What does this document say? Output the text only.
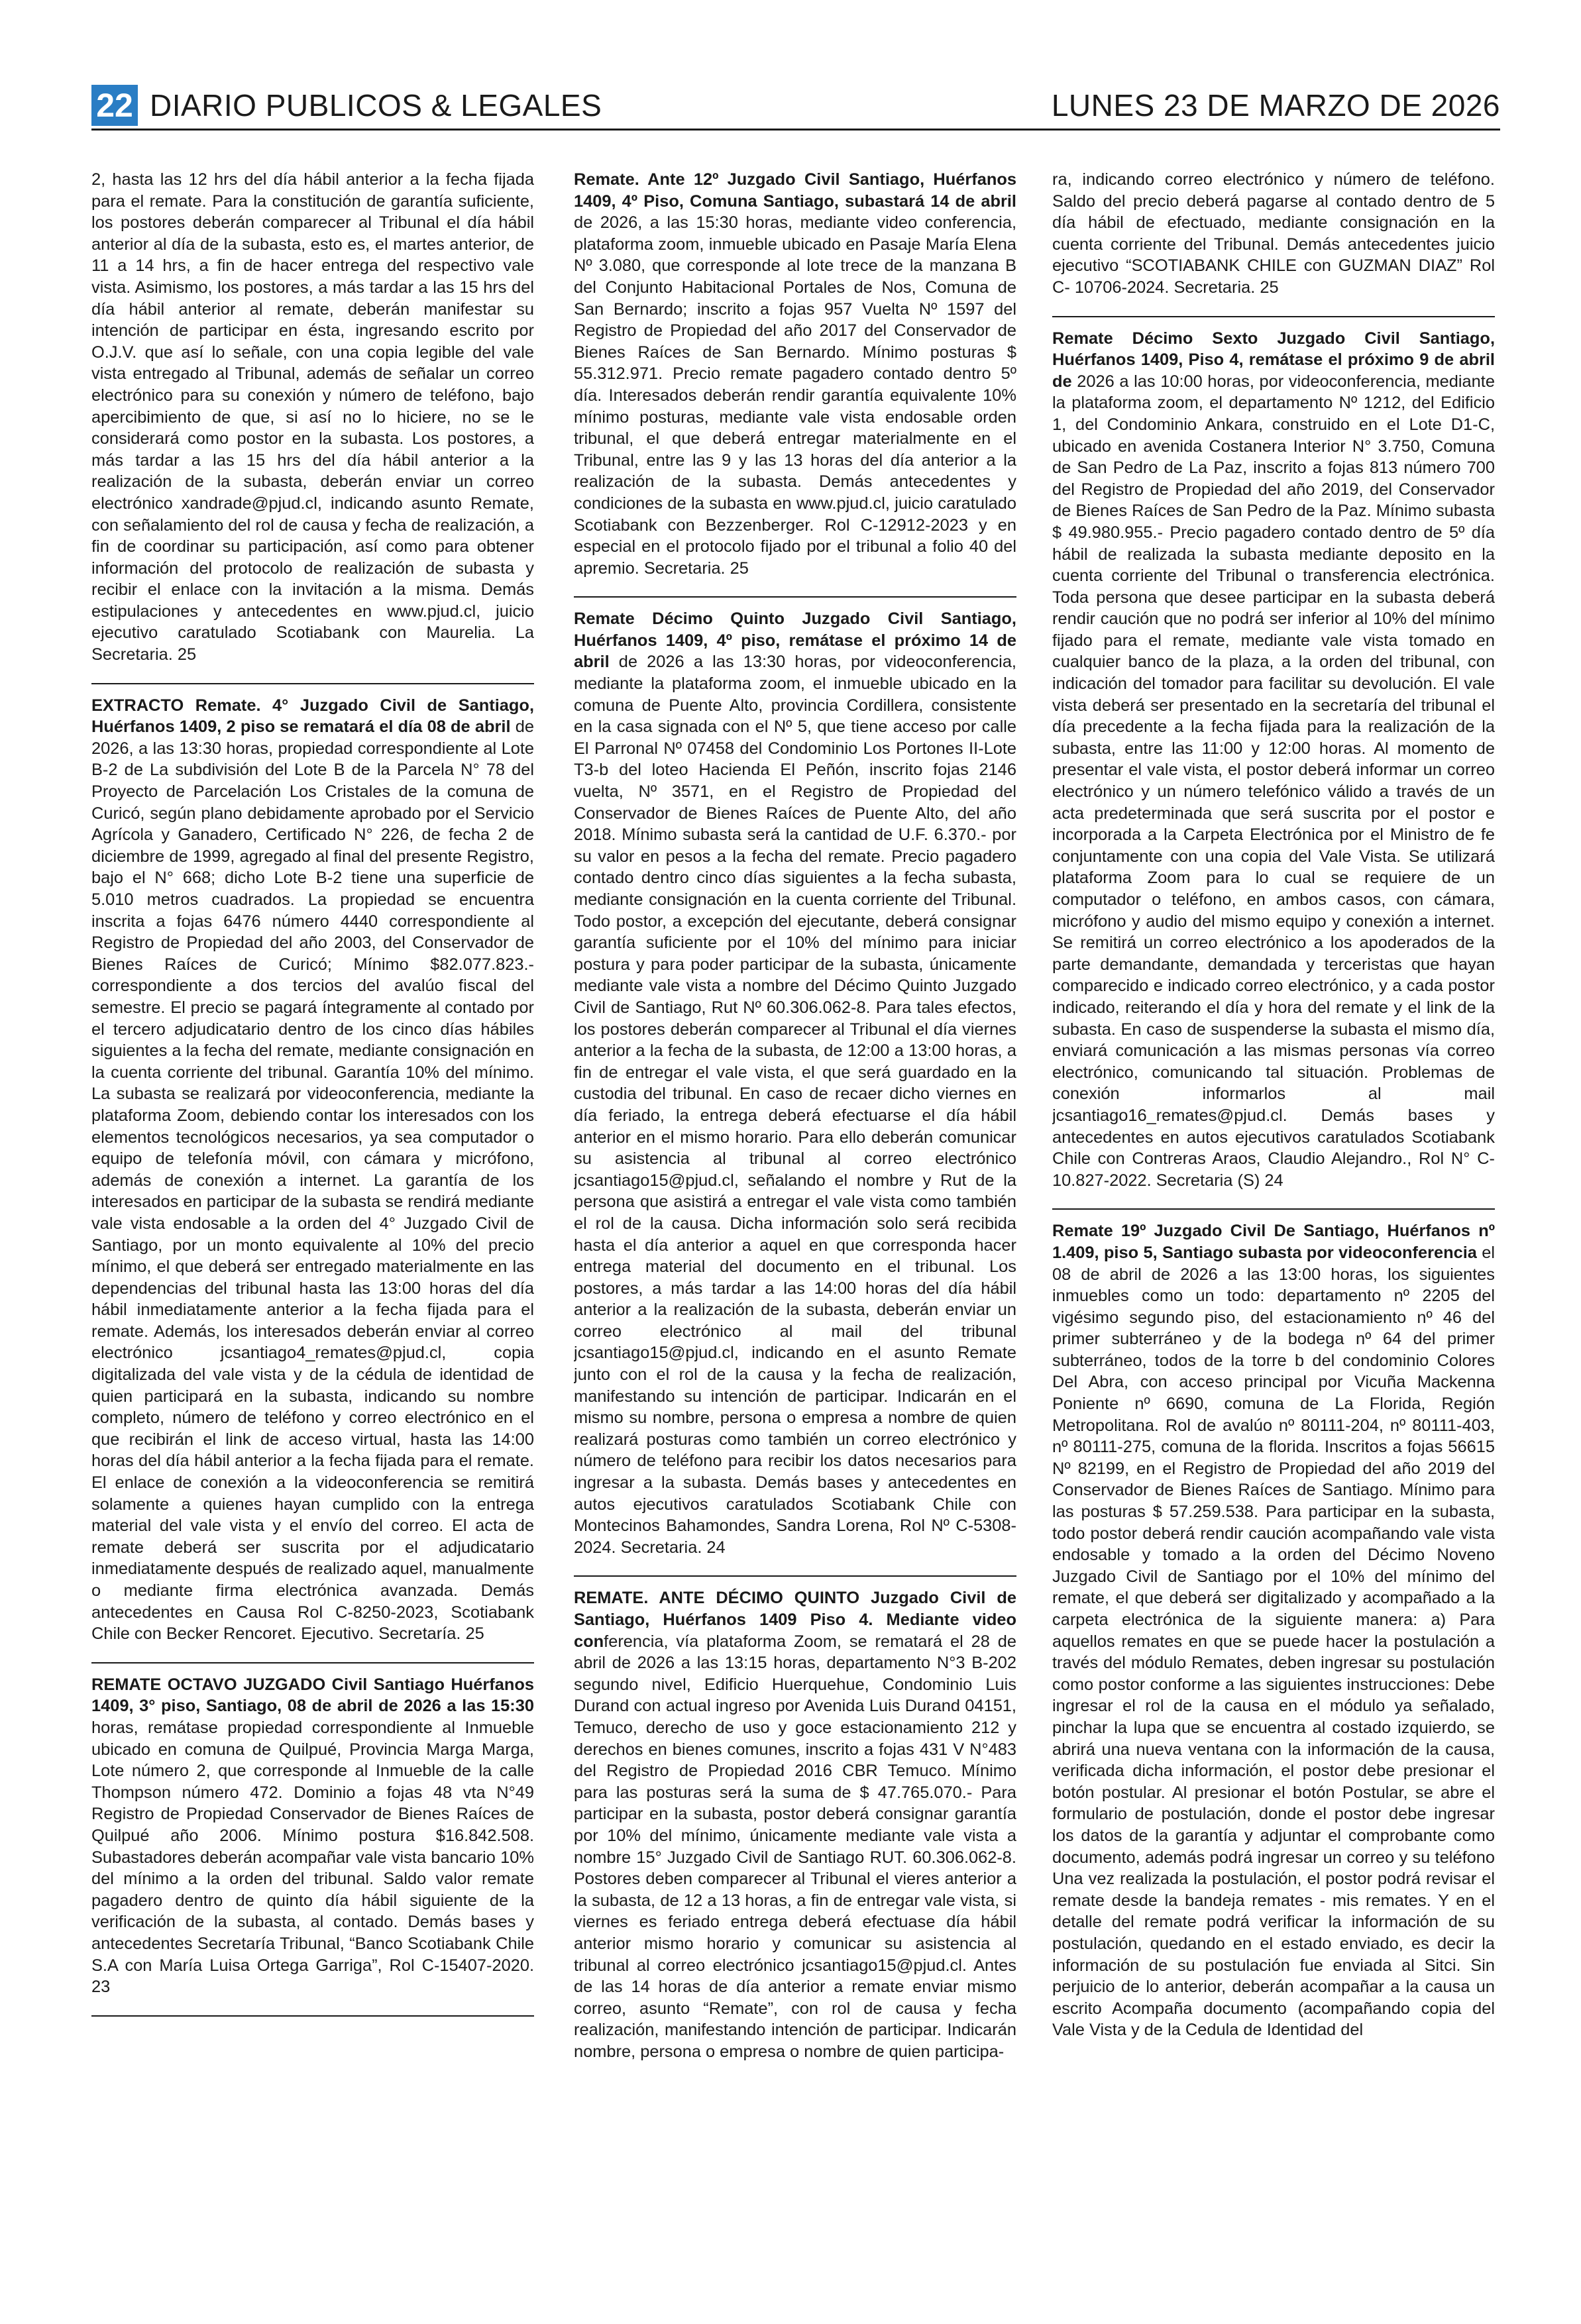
22 DIARIO PUBLICOS & LEGALES	LUNES 23 DE MARZO DE 2026

2, hasta las 12 hrs del día hábil anterior a la fecha fijada para el remate. Para la constitución de garantía suficiente, los postores deberán comparecer al Tribunal el día hábil anterior al día de la subasta, esto es, el martes anterior, de 11 a 14 hrs, a fin de hacer entrega del respectivo vale vista. Asimismo, los postores, a más tardar a las 15 hrs del día hábil anterior al remate, deberán manifestar su intención de participar en ésta, ingresando escrito por O.J.V. que así lo señale, con una copia legible del vale vista entregado al Tribunal, además de señalar un correo electrónico para su conexión y número de teléfono, bajo apercibimiento de que, si así no lo hiciere, no se le considerará como postor en la subasta. Los postores, a más tardar a las 15 hrs del día hábil anterior a la realización de la subasta, deberán enviar un correo electrónico xandrade@pjud.cl, indicando asunto Remate, con señalamiento del rol de causa y fecha de realización, a fin de coordinar su participación, así como para obtener información del protocolo de realización de subasta y recibir el enlace con la invitación a la misma. Demás estipulaciones y antecedentes en www.pjud.cl, juicio ejecutivo caratulado Scotiabank con Maurelia. La Secretaria. 25

EXTRACTO Remate. 4° Juzgado Civil de Santiago, Huérfanos 1409, 2 piso se rematará el día 08 de abril de 2026, a las 13:30 horas, propiedad correspondiente al Lote B-2 de La subdivisión del Lote B de la Parcela N° 78 del Proyecto de Parcelación Los Cristales de la comuna de Curicó, según plano debidamente aprobado por el Servicio Agrícola y Ganadero, Certificado N° 226, de fecha 2 de diciembre de 1999, agregado al final del presente Registro, bajo el N° 668; dicho Lote B-2 tiene una superficie de 5.010 metros cuadrados. La propiedad se encuentra inscrita a fojas 6476 número 4440 correspondiente al Registro de Propiedad del año 2003, del Conservador de Bienes Raíces de Curicó; Mínimo $82.077.823.- correspondiente a dos tercios del avalúo fiscal del semestre. El precio se pagará íntegramente al contado por el tercero adjudicatario dentro de los cinco días hábiles siguientes a la fecha del remate, mediante consignación en la cuenta corriente del tribunal. Garantía 10% del mínimo. La subasta se realizará por videoconferencia, mediante la plataforma Zoom, debiendo contar los interesados con los elementos tecnológicos necesarios, ya sea computador o equipo de telefonía móvil, con cámara y micrófono, además de conexión a internet. La garantía de los interesados en participar de la subasta se rendirá mediante vale vista endosable a la orden del 4° Juzgado Civil de Santiago, por un monto equivalente al 10% del precio mínimo, el que deberá ser entregado materialmente en las dependencias del tribunal hasta las 13:00 horas del día hábil inmediatamente anterior a la fecha fijada para el remate. Además, los interesados deberán enviar al correo electrónico jcsantiago4_remates@pjud.cl, copia digitalizada del vale vista y de la cédula de identidad de quien participará en la subasta, indicando su nombre completo, número de teléfono y correo electrónico en el que recibirán el link de acceso virtual, hasta las 14:00 horas del día hábil anterior a la fecha fijada para el remate. El enlace de conexión a la videoconferencia se remitirá solamente a quienes hayan cumplido con la entrega material del vale vista y el envío del correo. El acta de remate deberá ser suscrita por el adjudicatario inmediatamente después de realizado aquel, manualmente o mediante firma electrónica avanzada. Demás antecedentes en Causa Rol C-8250-2023, Scotiabank Chile con Becker Rencoret. Ejecutivo. Secretaría. 25

REMATE OCTAVO JUZGADO Civil Santiago Huérfanos 1409, 3° piso, Santiago, 08 de abril de 2026 a las 15:30 horas, remátase propiedad correspondiente al Inmueble ubicado en comuna de Quilpué, Provincia Marga Marga, Lote número 2, que corresponde al Inmueble de la calle Thompson número 472. Dominio a fojas 48 vta N°49 Registro de Propiedad Conservador de Bienes Raíces de Quilpué año 2006. Mínimo postura $16.842.508. Subastadores deberán acompañar vale vista bancario 10% del mínimo a la orden del tribunal. Saldo valor remate pagadero dentro de quinto día hábil siguiente de la verificación de la subasta, al contado. Demás bases y antecedentes Secretaría Tribunal, “Banco Scotiabank Chile S.A con María Luisa Ortega Garriga”, Rol C-15407-2020. 23

Remate. Ante 12º Juzgado Civil Santiago, Huérfanos 1409, 4º Piso, Comuna Santiago, subastará 14 de abril de 2026, a las 15:30 horas, mediante video conferencia, plataforma zoom, inmueble ubicado en Pasaje María Elena Nº 3.080, que corresponde al lote trece de la manzana B del Conjunto Habitacional Portales de Nos, Comuna de San Bernardo; inscrito a fojas 957 Vuelta Nº 1597 del Registro de Propiedad del año 2017 del Conservador de Bienes Raíces de San Bernardo. Mínimo posturas $ 55.312.971. Precio remate pagadero contado dentro 5º día. Interesados deberán rendir garantía equivalente 10% mínimo posturas, mediante vale vista endosable orden tribunal, el que deberá entregar materialmente en el Tribunal, entre las 9 y las 13 horas del día anterior a la realización de la subasta. Demás antecedentes y condiciones de la subasta en www.pjud.cl, juicio caratulado Scotiabank con Bezzenberger. Rol C-12912-2023 y en especial en el protocolo fijado por el tribunal a folio 40 del apremio. Secretaria. 25

Remate Décimo Quinto Juzgado Civil Santiago, Huérfanos 1409, 4º piso, remátase el próximo 14 de abril de 2026 a las 13:30 horas, por videoconferencia, mediante la plataforma zoom, el inmueble ubicado en la comuna de Puente Alto, provincia Cordillera, consistente en la casa signada con el Nº 5, que tiene acceso por calle El Parronal Nº 07458 del Condominio Los Portones II-Lote T3-b del loteo Hacienda El Peñón, inscrito fojas 2146 vuelta, Nº 3571, en el Registro de Propiedad del Conservador de Bienes Raíces de Puente Alto, del año 2018. Mínimo subasta será la cantidad de U.F. 6.370.- por su valor en pesos a la fecha del remate. Precio pagadero contado dentro cinco días siguientes a la fecha subasta, mediante consignación en la cuenta corriente del Tribunal. Todo postor, a excepción del ejecutante, deberá consignar garantía suficiente por el 10% del mínimo para iniciar postura y para poder participar de la subasta, únicamente mediante vale vista a nombre del Décimo Quinto Juzgado Civil de Santiago, Rut Nº 60.306.062-8. Para tales efectos, los postores deberán comparecer al Tribunal el día viernes anterior a la fecha de la subasta, de 12:00 a 13:00 horas, a fin de entregar el vale vista, el que será guardado en la custodia del tribunal. En caso de recaer dicho viernes en día feriado, la entrega deberá efectuarse el día hábil anterior en el mismo horario. Para ello deberán comunicar su asistencia al tribunal al correo electrónico jcsantiago15@pjud.cl, señalando el nombre y Rut de la persona que asistirá a entregar el vale vista como también el rol de la causa. Dicha información solo será recibida hasta el día anterior a aquel en que corresponda hacer entrega material del documento en el tribunal. Los postores, a más tardar a las 14:00 horas del día hábil anterior a la realización de la subasta, deberán enviar un correo electrónico al mail del tribunal jcsantiago15@pjud.cl, indicando en el asunto Remate junto con el rol de la causa y la fecha de realización, manifestando su intención de participar. Indicarán en el mismo su nombre, persona o empresa a nombre de quien realizará posturas como también un correo electrónico y número de teléfono para recibir los datos necesarios para ingresar a la subasta. Demás bases y antecedentes en autos ejecutivos caratulados Scotiabank Chile con Montecinos Bahamondes, Sandra Lorena, Rol Nº C-5308-2024. Secretaria. 24

REMATE. ANTE DÉCIMO QUINTO Juzgado Civil de Santiago, Huérfanos 1409 Piso 4. Mediante video conferencia, vía plataforma Zoom, se rematará el 28 de abril de 2026 a las 13:15 horas, departamento N°3 B-202 segundo nivel, Edificio Huerquehue, Condominio Luis Durand con actual ingreso por Avenida Luis Durand 04151, Temuco, derecho de uso y goce estacionamiento 212 y derechos en bienes comunes, inscrito a fojas 431 V N°483 del Registro de Propiedad 2016 CBR Temuco. Mínimo para las posturas será la suma de $ 47.765.070.- Para participar en la subasta, postor deberá consignar garantía por 10% del mínimo, únicamente mediante vale vista a nombre 15° Juzgado Civil de Santiago RUT. 60.306.062-8. Postores deben comparecer al Tribunal el vieres anterior a la subasta, de 12 a 13 horas, a fin de entregar vale vista, si viernes es feriado entrega deberá efectuase día hábil anterior mismo horario y comunicar su asistencia al tribunal al correo electrónico jcsantiago15@pjud.cl. Antes de las 14 horas de día anterior a remate enviar mismo correo, asunto “Remate”, con rol de causa y fecha realización, manifestando intención de participar. Indicarán nombre, persona o empresa o nombre de quien participa-

ra, indicando correo electrónico y número de teléfono. Saldo del precio deberá pagarse al contado dentro de 5 día hábil de efectuado, mediante consignación en la cuenta corriente del Tribunal. Demás antecedentes juicio ejecutivo “SCOTIABANK CHILE con GUZMAN DIAZ” Rol C- 10706-2024. Secretaria. 25

Remate Décimo Sexto Juzgado Civil Santiago, Huérfanos 1409, Piso 4, remátase el próximo 9 de abril de 2026 a las 10:00 horas, por videoconferencia, mediante la plataforma zoom, el departamento Nº 1212, del Edificio 1, del Condominio Ankara, construido en el Lote D1-C, ubicado en avenida Costanera Interior N° 3.750, Comuna de San Pedro de La Paz, inscrito a fojas 813 número 700 del Registro de Propiedad del año 2019, del Conservador de Bienes Raíces de San Pedro de la Paz. Mínimo subasta $ 49.980.955.- Precio pagadero contado dentro de 5º día hábil de realizada la subasta mediante deposito en la cuenta corriente del Tribunal o transferencia electrónica. Toda persona que desee participar en la subasta deberá rendir caución que no podrá ser inferior al 10% del mínimo fijado para el remate, mediante vale vista tomado en cualquier banco de la plaza, a la orden del tribunal, con indicación del tomador para facilitar su devolución. El vale vista deberá ser presentado en la secretaría del tribunal el día precedente a la fecha fijada para la realización de la subasta, entre las 11:00 y 12:00 horas. Al momento de presentar el vale vista, el postor deberá informar un correo electrónico y un número telefónico válido a través de un acta predeterminada que será suscrita por el postor e incorporada a la Carpeta Electrónica por el Ministro de fe conjuntamente con una copia del Vale Vista. Se utilizará plataforma Zoom para lo cual se requiere de un computador o teléfono, en ambos casos, con cámara, micrófono y audio del mismo equipo y conexión a internet. Se remitirá un correo electrónico a los apoderados de la parte demandante, demandada y terceristas que hayan comparecido e indicado correo electrónico, y a cada postor indicado, reiterando el día y hora del remate y el link de la subasta. En caso de suspenderse la subasta el mismo día, enviará comunicación a las mismas personas vía correo electrónico, comunicando tal situación. Problemas de conexión informarlos al mail jcsantiago16_remates@pjud.cl. Demás bases y antecedentes en autos ejecutivos caratulados Scotiabank Chile con Contreras Araos, Claudio Alejandro., Rol N° C-10.827-2022. Secretaria (S) 24

Remate 19º Juzgado Civil De Santiago, Huérfanos nº 1.409, piso 5, Santiago subasta por videoconferencia el 08 de abril de 2026 a las 13:00 horas, los siguientes inmuebles como un todo: departamento nº 2205 del vigésimo segundo piso, del estacionamiento nº 46 del primer subterráneo y de la bodega nº 64 del primer subterráneo, todos de la torre b del condominio Colores Del Abra, con acceso principal por Vicuña Mackenna Poniente nº 6690, comuna de La Florida, Región Metropolitana. Rol de avalúo nº 80111-204, nº 80111-403, nº 80111-275, comuna de la florida. Inscritos a fojas 56615 Nº 82199, en el Registro de Propiedad del año 2019 del Conservador de Bienes Raíces de Santiago. Mínimo para las posturas $ 57.259.538. Para participar en la subasta, todo postor deberá rendir caución acompañando vale vista endosable y tomado a la orden del Décimo Noveno Juzgado Civil de Santiago por el 10% del mínimo del remate, el que deberá ser digitalizado y acompañado a la carpeta electrónica de la siguiente manera: a) Para aquellos remates en que se puede hacer la postulación a través del módulo Remates, deben ingresar su postulación como postor conforme a las siguientes instrucciones: Debe ingresar el rol de la causa en el módulo ya señalado, pinchar la lupa que se encuentra al costado izquierdo, se abrirá una nueva ventana con la información de la causa, verificada dicha información, el postor debe presionar el botón postular. Al presionar el botón Postular, se abre el formulario de postulación, donde el postor debe ingresar los datos de la garantía y adjuntar el comprobante como documento, además podrá ingresar un correo y su teléfono Una vez realizada la postulación, el postor podrá revisar el remate desde la bandeja remates - mis remates. Y en el detalle del remate podrá verificar la información de su postulación, quedando en el estado enviado, es decir la información de su postulación fue enviada al Sitci. Sin perjuicio de lo anterior, deberán acompañar a la causa un escrito Acompaña documento (acompañando copia del Vale Vista y de la Cedula de Identidad del
